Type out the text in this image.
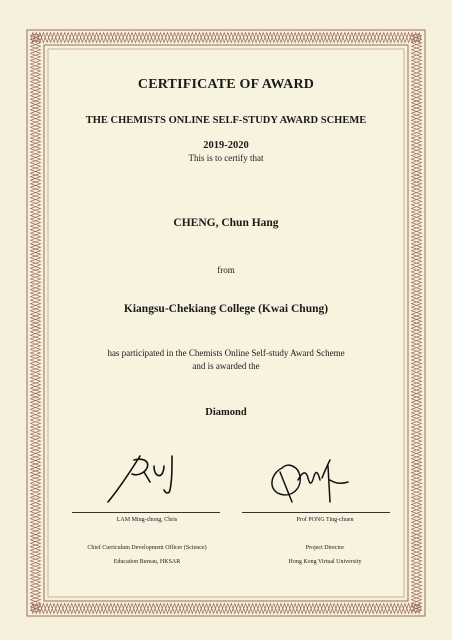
CERTIFICATE OF AWARD
THE CHEMISTS ONLINE SELF-STUDY AWARD SCHEME
2019-2020
This is to certify that
CHENG, Chun Hang
from
Kiangsu-Chekiang College (Kwai Chung)
has participated in the Chemists Online Self-study Award Scheme
and is awarded the
Diamond
LAM Ming-chong, Chris
Chief Curriculum Development Officer (Science)
Education Bureau, HKSAR
Prof PONG Ting-chuen
Project Director
Hong Kong Virtual University
